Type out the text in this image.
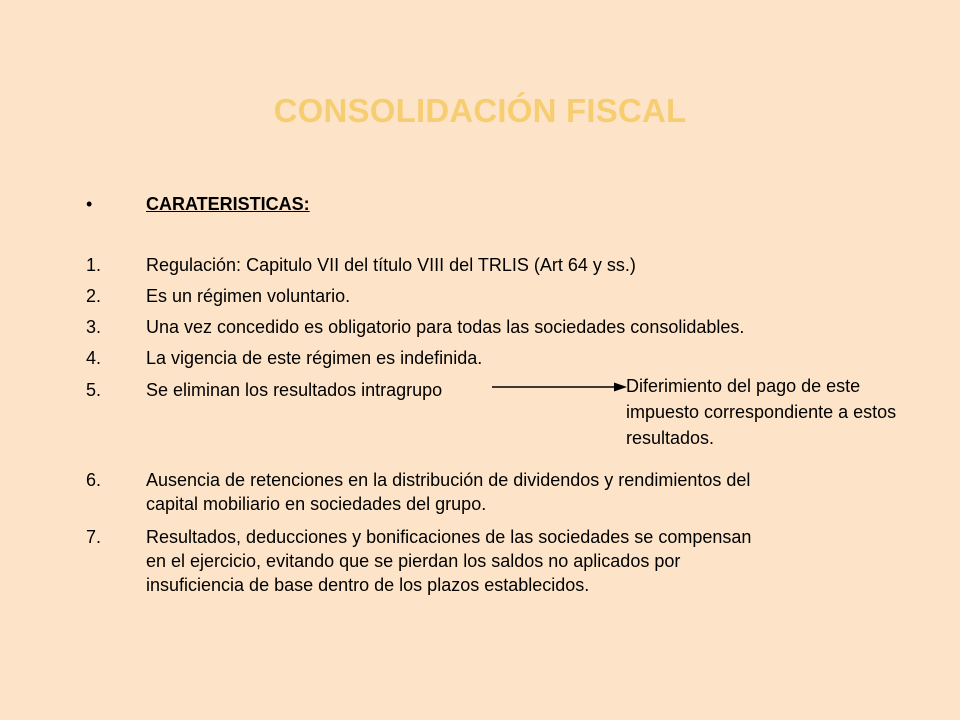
CONSOLIDACIÓN FISCAL
•	CARATERISTICAS:
1. Regulación: Capitulo VII del título VIII del TRLIS (Art 64 y ss.)
2. Es un régimen voluntario.
3. Una vez concedido es obligatorio para todas las sociedades consolidables.
4. La vigencia de este régimen es indefinida.
5. Se eliminan los resultados intragrupo	Diferimiento del pago de este
impuesto correspondiente a estos
resultados.
6. Ausencia de retenciones en la distribución de dividendos y rendimientos del
capital mobiliario en sociedades del grupo.
7. Resultados, deducciones y bonificaciones de las sociedades se compensan
en el ejercicio, evitando que se pierdan los saldos no aplicados por
insuficiencia de base dentro de los plazos establecidos.
